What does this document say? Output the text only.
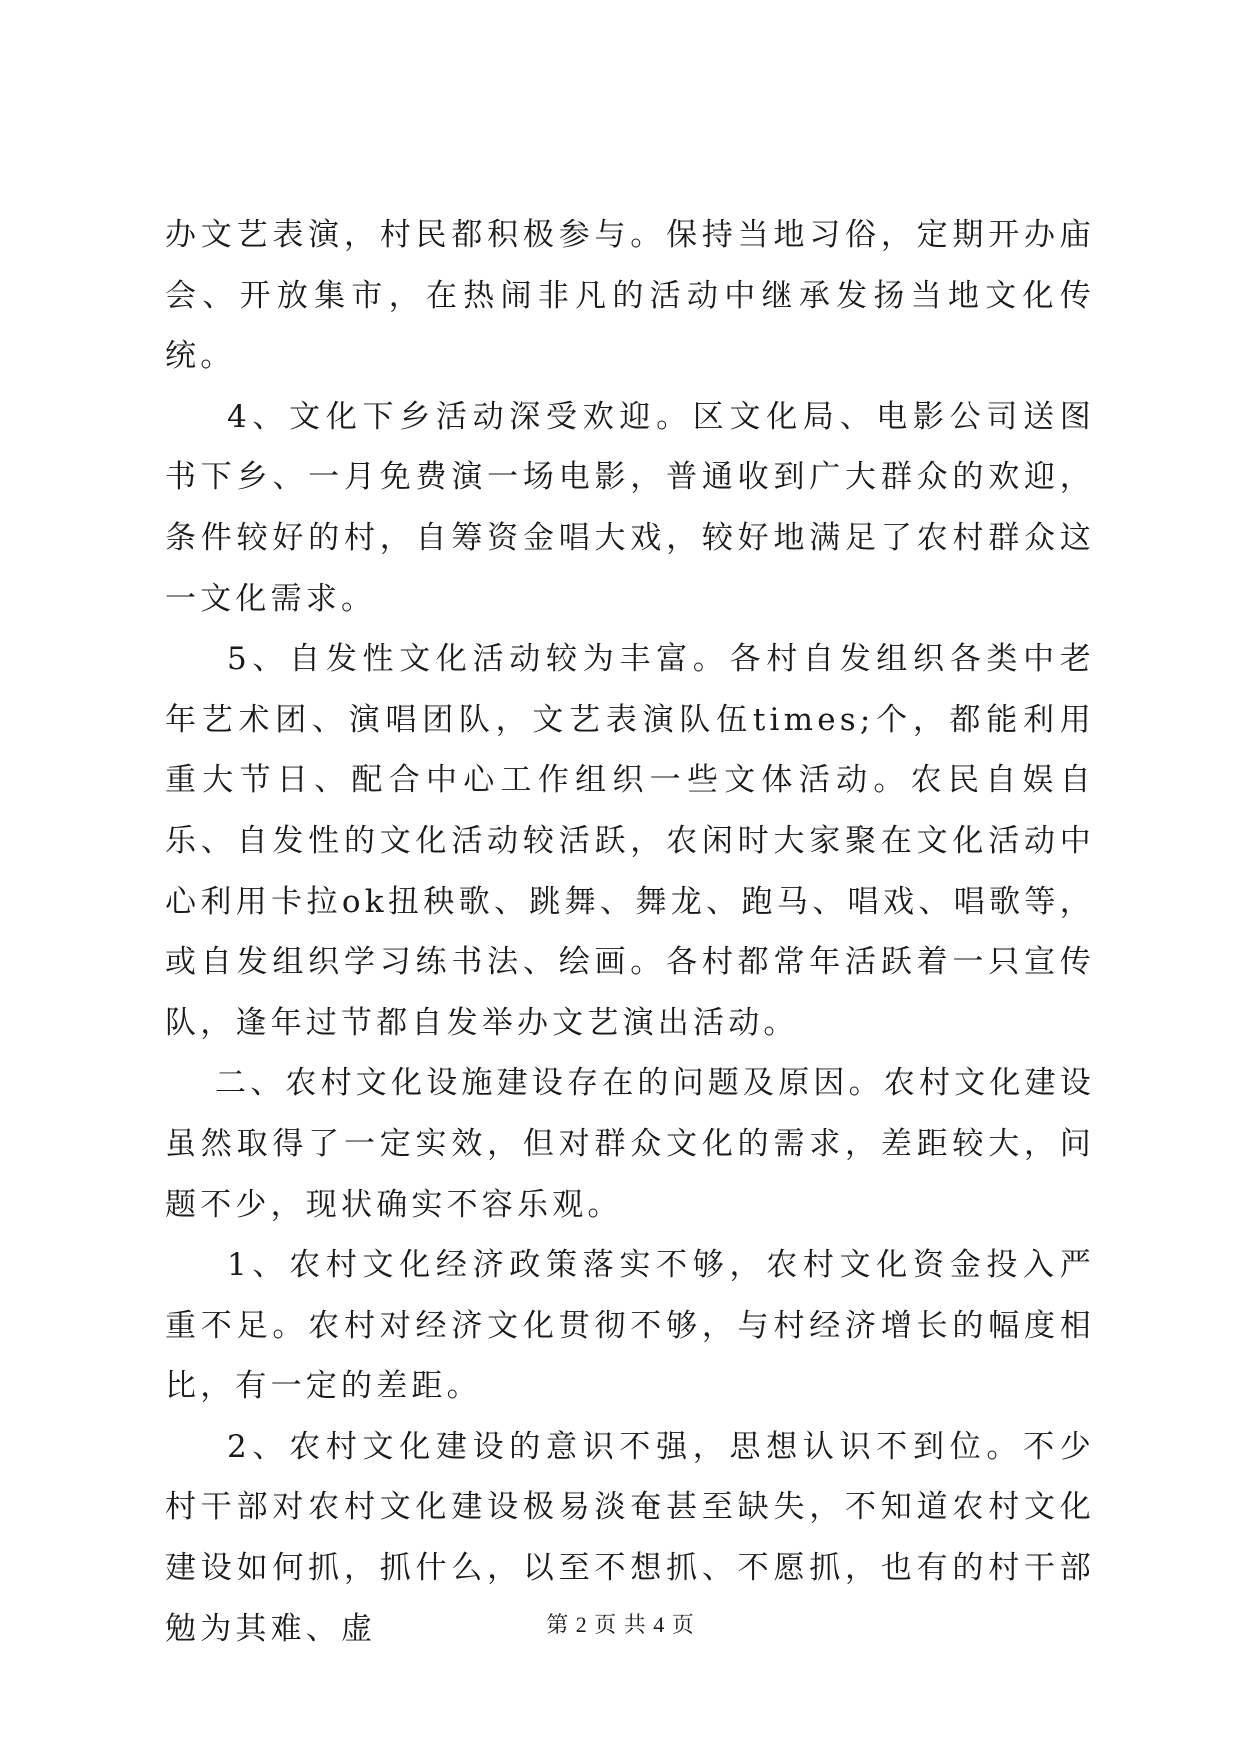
办文艺表演，村民都积极参与。保持当地习俗，定期开办庙会、开放集市，在热闹非凡的活动中继承发扬当地文化传统。

4、文化下乡活动深受欢迎。区文化局、电影公司送图书下乡、一月免费演一场电影，普通收到广大群众的欢迎，条件较好的村，自筹资金唱大戏，较好地满足了农村群众这一文化需求。

5、自发性文化活动较为丰富。各村自发组织各类中老年艺术团、演唱团队，文艺表演队伍times;个，都能利用重大节日、配合中心工作组织一些文体活动。农民自娱自乐、自发性的文化活动较活跃，农闲时大家聚在文化活动中心利用卡拉ok扭秧歌、跳舞、舞龙、跑马、唱戏、唱歌等，或自发组织学习练书法、绘画。各村都常年活跃着一只宣传队，逢年过节都自发举办文艺演出活动。

二、农村文化设施建设存在的问题及原因。农村文化建设虽然取得了一定实效，但对群众文化的需求，差距较大，问题不少，现状确实不容乐观。

1、农村文化经济政策落实不够，农村文化资金投入严重不足。农村对经济文化贯彻不够，与村经济增长的幅度相比，有一定的差距。

2、农村文化建设的意识不强，思想认识不到位。不少村干部对农村文化建设极易淡奄甚至缺失，不知道农村文化建设如何抓，抓什么，以至不想抓、不愿抓，也有的村干部勉为其难、虚	第 2 页 共 4 页
